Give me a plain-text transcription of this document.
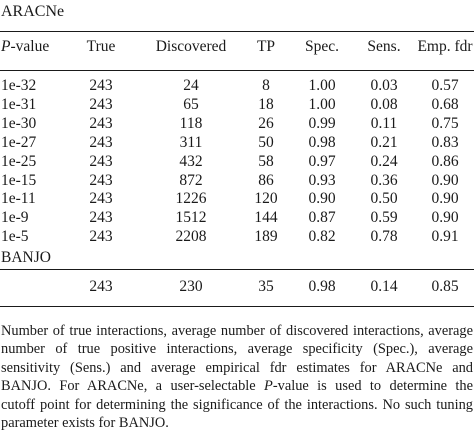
ARACNe
P-value	True	Discovered	TP	Spec.	Sens.	Emp. fdr
1e-32	243	24	8	1.00	0.03	0.57
1e-31	243	65	18	1.00	0.08	0.68
1e-30	243	118	26	0.99	0.11	0.75
1e-27	243	311	50	0.98	0.21	0.83
1e-25	243	432	58	0.97	0.24	0.86
1e-15	243	872	86	0.93	0.36	0.90
1e-11	243	1226	120	0.90	0.50	0.90
1e-9	243	1512	144	0.87	0.59	0.90
1e-5	243	2208	189	0.82	0.78	0.91
BANJO
	243	230	35	0.98	0.14	0.85
Number of true interactions, average number of discovered interactions, average
number of true positive interactions, average specificity (Spec.), average
sensitivity (Sens.) and average empirical fdr estimates for ARACNe and
BANJO. For ARACNe, a user-selectable P-value is used to determine the
cutoff point for determining the significance of the interactions. No such tuning
parameter exists for BANJO.
